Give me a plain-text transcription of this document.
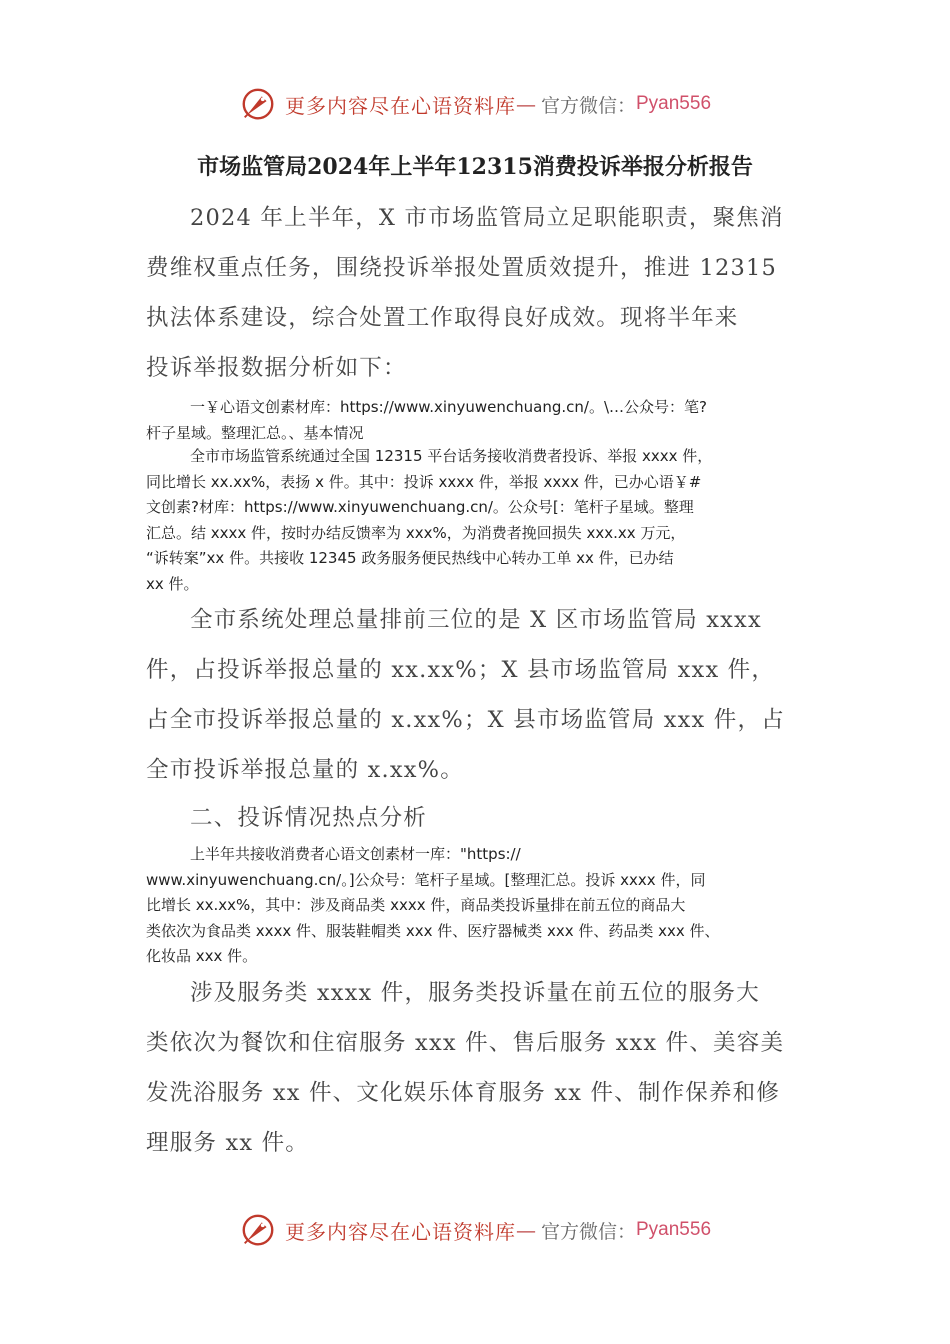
更多内容尽在心语资料库 — 官方微信： Pyan556
市场监管局2024年上半年12315消费投诉举报分析报告

2024 年上半年，X 市市场监管局立足职能职责，聚焦消
费维权重点任务，围绕投诉举报处置质效提升，推进 12315
执法体系建设，综合处置工作取得良好成效。现将半年来
投诉举报数据分析如下：

一￥心语文创素材库：https://www.xinyuwenchuang.cn/。\…公众号：笔?
杆子星域。整理汇总。、基本情况

全市市场监管系统通过全国 12315 平台话务接收消费者投诉、举报 xxxx 件，
同比增长 xx.xx%，表扬 x 件。其中：投诉 xxxx 件，举报 xxxx 件，已办心语￥#
文创素?材库：https://www.xinyuwenchuang.cn/。公众号[：笔杆子星域。整理
汇总。结 xxxx 件，按时办结反馈率为 xxx%，为消费者挽回损失 xxx.xx 万元，
“诉转案”xx 件。共接收 12345 政务服务便民热线中心转办工单 xx 件，已办结
xx 件。

全市系统处理总量排前三位的是 X 区市场监管局 xxxx
件，占投诉举报总量的 xx.xx%；X 县市场监管局 xxx 件，
占全市投诉举报总量的 x.xx%；X 县市场监管局 xxx 件，占
全市投诉举报总量的 x.xx%。

二、投诉情况热点分析

上半年共接收消费者心语文创素材一库："https://
www.xinyuwenchuang.cn/。]公众号：笔杆子星域。[整理汇总。投诉 xxxx 件，同
比增长 xx.xx%，其中：涉及商品类 xxxx 件，商品类投诉量排在前五位的商品大
类依次为食品类 xxxx 件、服装鞋帽类 xxx 件、医疗器械类 xxx 件、药品类 xxx 件、
化妆品 xxx 件。

涉及服务类 xxxx 件，服务类投诉量在前五位的服务大
类依次为餐饮和住宿服务 xxx 件、售后服务 xxx 件、美容美
发洗浴服务 xx 件、文化娱乐体育服务 xx 件、制作保养和修
理服务 xx 件。

更多内容尽在心语资料库 — 官方微信： Pyan556
